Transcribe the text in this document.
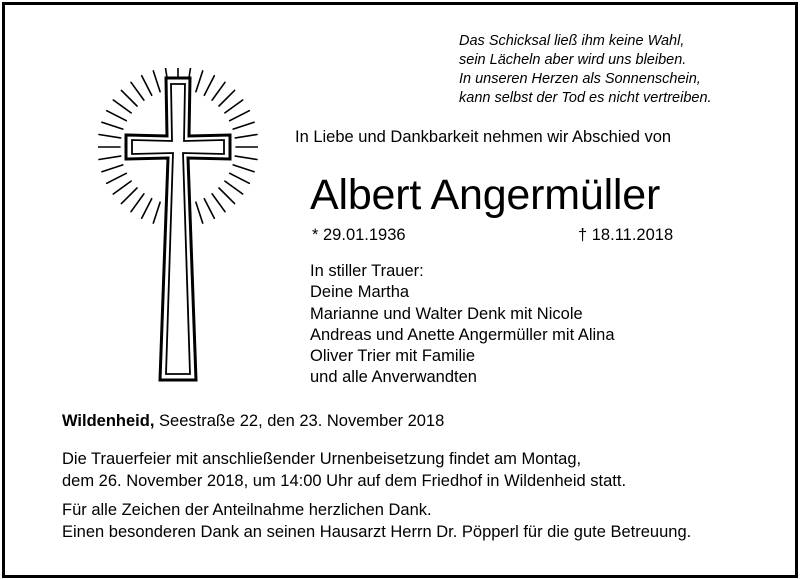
Das Schicksal ließ ihm keine Wahl,
sein Lächeln aber wird uns bleiben.
In unseren Herzen als Sonnenschein,
kann selbst der Tod es nicht vertreiben.
In Liebe und Dankbarkeit nehmen wir Abschied von
Albert Angermüller
* 29.01.1936	† 18.11.2018
In stiller Trauer:
Deine Martha
Marianne und Walter Denk mit Nicole
Andreas und Anette Angermüller mit Alina
Oliver Trier mit Familie
und alle Anverwandten
Wildenheid, Seestraße 22, den 23. November 2018
Die Trauerfeier mit anschließender Urnenbeisetzung findet am Montag,
dem 26. November 2018, um 14:00 Uhr auf dem Friedhof in Wildenheid statt.
Für alle Zeichen der Anteilnahme herzlichen Dank.
Einen besonderen Dank an seinen Hausarzt Herrn Dr. Pöpperl für die gute Betreuung.
